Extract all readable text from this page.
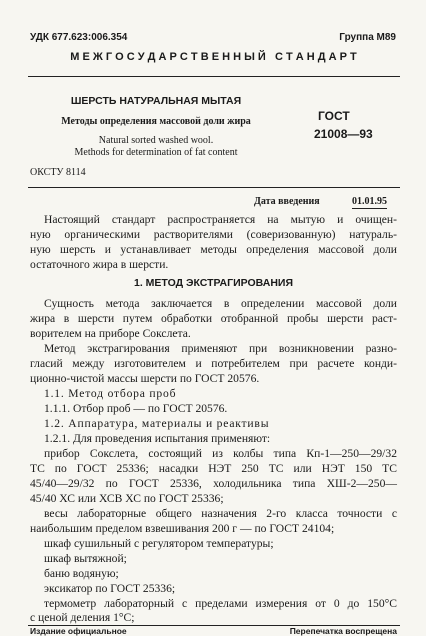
УДК 677.623:006.354	Группа М89
М Е Ж Г О С У Д А Р С Т В Е Н Н Ы Й   С Т А Н Д А Р Т
ШЕРСТЬ НАТУРАЛЬНАЯ МЫТАЯ
Методы определения массовой доли жира
Natural sorted washed wool.
Methods for determination of fat content
ГОСТ
21008—93
ОКСТУ 8114
Дата введения	01.01.95
Настоящий стандарт распространяется на мытую и очищен-
ную органическими растворителями (соверизованную) натураль-
ную шерсть и устанавливает методы определения массовой доли
остаточного жира в шерсти.
1. МЕТОД ЭКСТРАГИРОВАНИЯ
Сущность метода заключается в определении массовой доли
жира в шерсти путем обработки отобранной пробы шерсти раст-
ворителем на приборе Сокслета.
Метод экстрагирования применяют при возникновении разно-
гласий между изготовителем и потребителем при расчете конди-
ционно-чистой массы шерсти по ГОСТ 20576.
1.1. Метод отбора проб
1.1.1. Отбор проб — по ГОСТ 20576.
1.2. Аппаратура, материалы и реактивы
1.2.1. Для проведения испытания применяют:
прибор Сокслета, состоящий из колбы типа Кп-1—250—29/32
ТС по ГОСТ 25336; насадки НЭТ 250 ТС или НЭТ 150 ТС
45/40—29/32 по ГОСТ 25336, холодильника типа ХШ-2—250—
45/40 ХС или ХСВ ХС по ГОСТ 25336;
весы лабораторные общего назначения 2-го класса точности с
наибольшим пределом взвешивания 200 г — по ГОСТ 24104;
шкаф сушильный с регулятором температуры;
шкаф вытяжной;
баню водяную;
эксикатор по ГОСТ 25336;
термометр лабораторный с пределами измерения от 0 до 150°С
с ценой деления 1°С;
Издание официальное	Перепечатка воспрещена
